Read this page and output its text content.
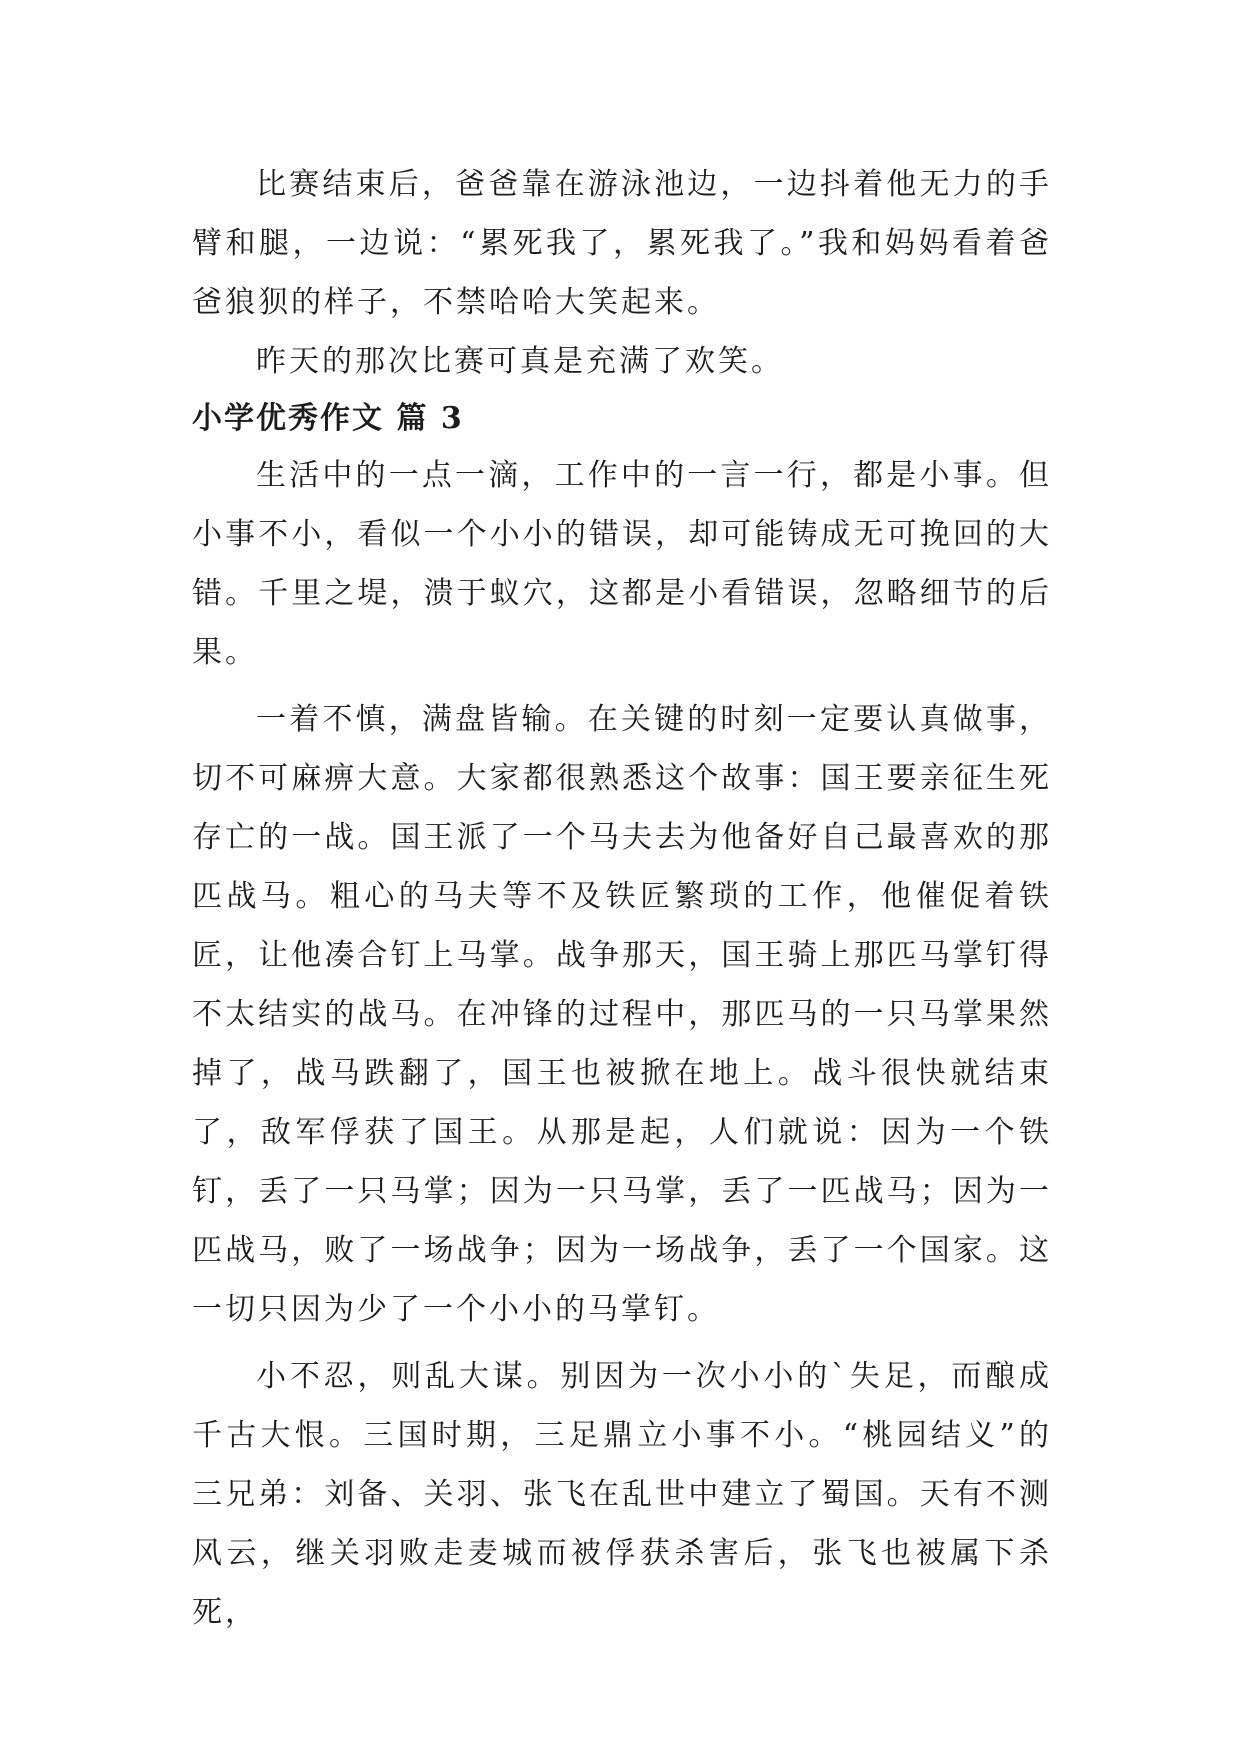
比赛结束后，爸爸靠在游泳池边，一边抖着他无力的手臂和腿，一边说：“累死我了，累死我了。”我和妈妈看着爸爸狼狈的样子，不禁哈哈大笑起来。

昨天的那次比赛可真是充满了欢笑。

小学优秀作文 篇 3

生活中的一点一滴，工作中的一言一行，都是小事。但小事不小，看似一个小小的错误，却可能铸成无可挽回的大错。千里之堤，溃于蚁穴，这都是小看错误，忽略细节的后果。

一着不慎，满盘皆输。在关键的时刻一定要认真做事，切不可麻痹大意。大家都很熟悉这个故事：国王要亲征生死存亡的一战。国王派了一个马夫去为他备好自己最喜欢的那匹战马。粗心的马夫等不及铁匠繁琐的工作，他催促着铁匠，让他凑合钉上马掌。战争那天，国王骑上那匹马掌钉得不太结实的战马。在冲锋的过程中，那匹马的一只马掌果然掉了，战马跌翻了，国王也被掀在地上。战斗很快就结束了，敌军俘获了国王。从那是起，人们就说：因为一个铁钉，丢了一只马掌；因为一只马掌，丢了一匹战马；因为一匹战马，败了一场战争；因为一场战争，丢了一个国家。这一切只因为少了一个小小的马掌钉。

小不忍，则乱大谋。别因为一次小小的`失足，而酿成千古大恨。三国时期，三足鼎立小事不小。“桃园结义”的三兄弟：刘备、关羽、张飞在乱世中建立了蜀国。天有不测风云，继关羽败走麦城而被俘获杀害后，张飞也被属下杀死，
